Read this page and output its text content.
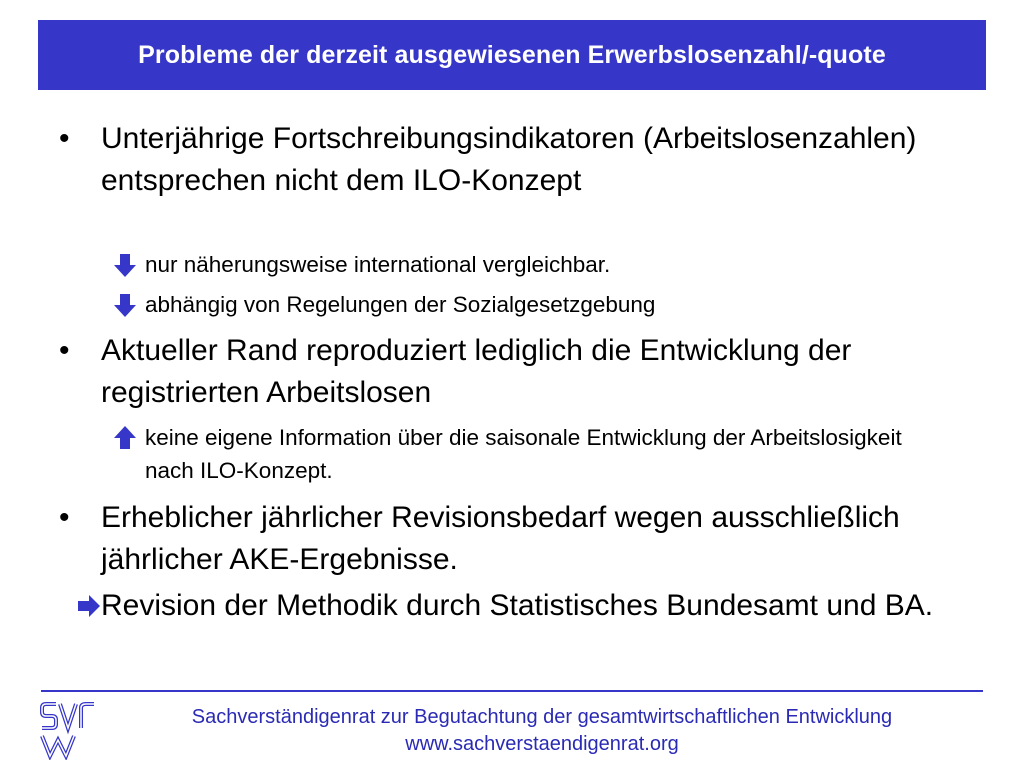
Probleme der derzeit ausgewiesenen Erwerbslosenzahl/-quote
• Unterjährige Fortschreibungsindikatoren (Arbeitslosenzahlen) entsprechen nicht dem ILO-Konzept
nur näherungsweise international vergleichbar.
abhängig von Regelungen der Sozialgesetzgebung
• Aktueller Rand reproduziert lediglich die Entwicklung der registrierten Arbeitslosen
keine eigene Information über die saisonale Entwicklung der Arbeitslosigkeit nach ILO-Konzept.
• Erheblicher jährlicher Revisionsbedarf wegen ausschließlich jährlicher AKE-Ergebnisse.
Revision der Methodik durch Statistisches Bundesamt und BA.
Sachverständigenrat zur Begutachtung der gesamtwirtschaftlichen Entwicklung
www.sachverstaendigenrat.org
